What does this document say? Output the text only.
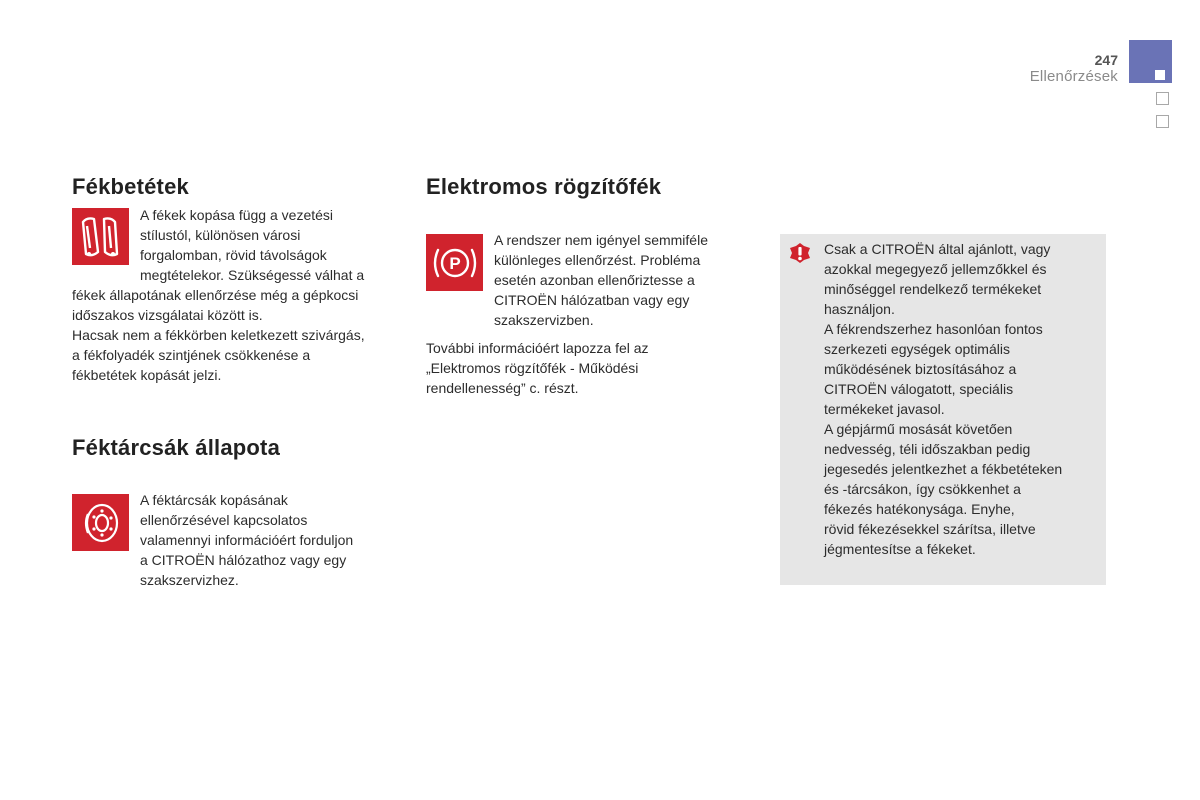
247
Ellenőrzések
Fékbetétek

A fékek kopása függ a vezetési

stílustól, különösen városi

forgalomban, rövid távolságok

megtételekor. Szükségessé válhat a

fékek állapotának ellenőrzése még a gépkocsi

időszakos vizsgálatai között is.

Hacsak nem a fékkörben keletkezett szivárgás,

a fékfolyadék szintjének csökkenése a

fékbetétek kopását jelzi.

Féktárcsák állapota

A féktárcsák kopásának

ellenőrzésével kapcsolatos

valamennyi információért forduljon

a CITROËN hálózathoz vagy egy

szakszervizhez.

Elektromos rögzítőfék
P

A rendszer nem igényel semmiféle

különleges ellenőrzést. Probléma

esetén azonban ellenőriztesse a

CITROËN hálózatban vagy egy

szakszervizben.

További információért lapozza fel az

„Elektromos rögzítőfék - Működési

rendellenesség” c. részt.

Csak a CITROËN által ajánlott, vagy

azokkal megegyező jellemzőkkel és

minőséggel rendelkező termékeket

használjon.

A fékrendszerhez hasonlóan fontos

szerkezeti egységek optimális

működésének biztosításához a

CITROËN válogatott, speciális

termékeket javasol.

A gépjármű mosását követően

nedvesség, téli időszakban pedig

jegesedés jelentkezhet a fékbetéteken

és -tárcsákon, így csökkenhet a

fékezés hatékonysága. Enyhe,

rövid fékezésekkel szárítsa, illetve

jégmentesítse a fékeket.
